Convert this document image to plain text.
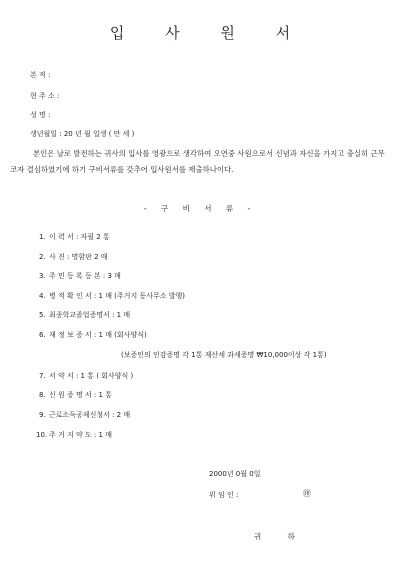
입 사 원 서
본 적 :
현 주 소 :
성 명 :
생년월일 : 20 년 월 일생 ( 만 세 )
본인은 날로 발전하는 귀사의 입사를 영광으로 생각하여 오연중 사원으로서 신념과 자신을 가지고 충실히 근무코자 결심하였기에 하기 구비서류를 갖추어 입사원서를 제출하나이다.
- 구 비 서 류 -
1. 이 력 서 : 자필 2 통
2. 사 진 : 명함판 2 매
3. 주 민 등 록 등 본 : 3 매
4. 병 적 확 인 서 : 1 매 (주거지 동사무소 발행)
5. 최종학교졸업증명서 : 1 매
6. 재 정 보 증 서 : 1 매 (회사양식)
(보증인의 인감증명 각 1통 재산세 과세증명 ₩10,000이상 각 1통)
7. 서 약 서 : 1 통 ( 회사양식 )
8. 신 원 증 명 서 : 1 통
9. 근로소득공제신청서 : 2 매
10. 주 거 지 약 도 : 1 매
2000년 0월 0일
위 임 인 :	㊞
귀 하
